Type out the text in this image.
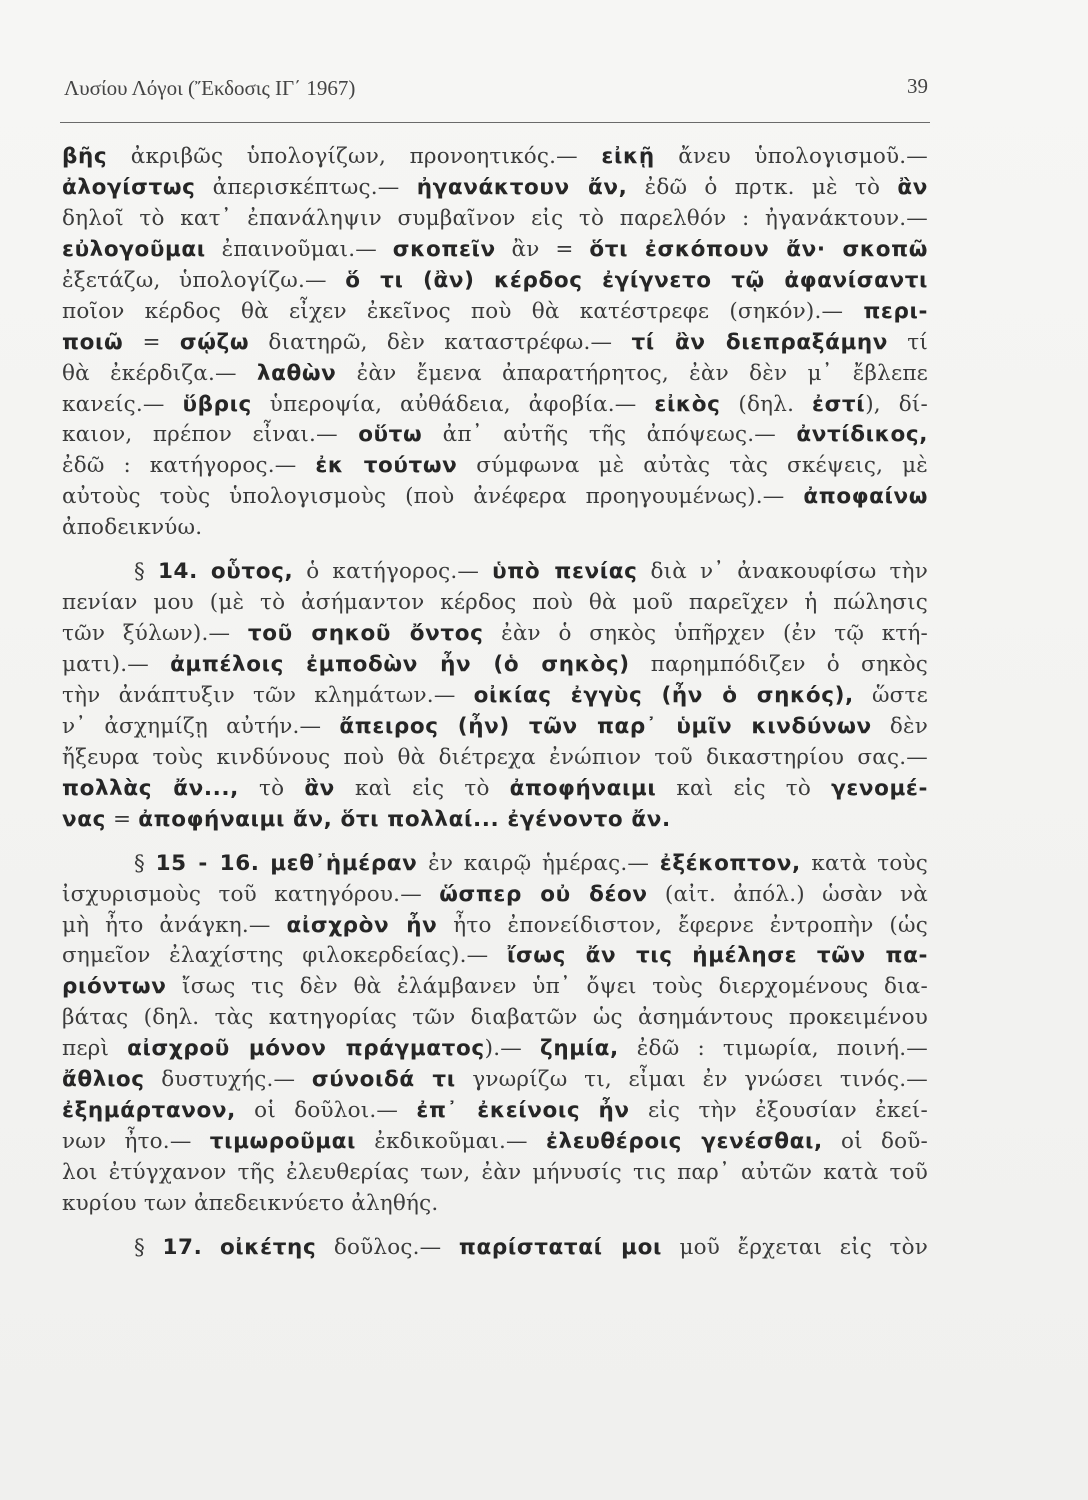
Λυσίου Λόγοι (Ἔκδοσις ΙΓ΄ 1967)	39
βῆς ἀκριβῶς ὑπολογίζων, προνοητικός.— εἰκῇ ἄνευ ὑπολογισμοῦ.—
ἀλογίστως ἀπερισκέπτως.— ἠγανάκτουν ἄν, ἐδῶ ὁ πρτκ. μὲ τὸ ἂν
δηλοῖ τὸ κατ᾿ ἐπανάληψιν συμβαῖνον εἰς τὸ παρελθόν : ἠγανάκτουν.—
εὐλογοῦμαι ἐπαινοῦμαι.— σκοπεῖν ἂν = ὅτι ἐσκόπουν ἄν· σκοπῶ
ἐξετάζω, ὑπολογίζω.— ὅ τι (ἂν) κέρδος ἐγίγνετο τῷ ἀφανίσαντι
ποῖον κέρδος θὰ εἶχεν ἐκεῖνος ποὺ θὰ κατέστρεφε (σηκόν).— περι-
ποιῶ = σῴζω διατηρῶ, δὲν καταστρέφω.— τί ἂν διεπραξάμην τί
θὰ ἐκέρδιζα.— λαθὼν ἐὰν ἔμενα ἀπαρατήρητος, ἐὰν δὲν μ᾿ ἔβλεπε
κανείς.— ὕβρις ὑπεροψία, αὐθάδεια, ἀφοβία.— εἰκὸς (δηλ. ἐστί), δί-
καιον, πρέπον εἶναι.— οὕτω ἀπ᾿ αὐτῆς τῆς ἀπόψεως.— ἀντίδικος,
ἐδῶ : κατήγορος.— ἐκ τούτων σύμφωνα μὲ αὐτὰς τὰς σκέψεις, μὲ
αὐτοὺς τοὺς ὑπολογισμοὺς (ποὺ ἀνέφερα προηγουμένως).— ἀποφαίνω
ἀποδεικνύω.
§ 14. οὗτος, ὁ κατήγορος.— ὑπὸ πενίας διὰ ν᾿ ἀνακουφίσω τὴν
πενίαν μου (μὲ τὸ ἀσήμαντον κέρδος ποὺ θὰ μοῦ παρεῖχεν ἡ πώλησις
τῶν ξύλων).— τοῦ σηκοῦ ὄντος ἐὰν ὁ σηκὸς ὑπῆρχεν (ἐν τῷ κτή-
ματι).— ἀμπέλοις ἐμποδὼν ἦν (ὁ σηκὸς) παρημπόδιζεν ὁ σηκὸς
τὴν ἀνάπτυξιν τῶν κλημάτων.— οἰκίας ἐγγὺς (ἦν ὁ σηκός), ὥστε
ν᾿ ἀσχημίζῃ αὐτήν.— ἄπειρος (ἦν) τῶν παρ᾿ ὑμῖν κινδύνων δὲν
ἤξευρα τοὺς κινδύνους ποὺ θὰ διέτρεχα ἐνώπιον τοῦ δικαστηρίου σας.—
πολλὰς ἄν..., τὸ ἂν καὶ εἰς τὸ ἀποφήναιμι καὶ εἰς τὸ γενομέ-
νας = ἀποφήναιμι ἄν, ὅτι πολλαί... ἐγένοντο ἄν.
§ 15 - 16. μεθ᾿ἡμέραν ἐν καιρῷ ἡμέρας.— ἐξέκοπτον, κατὰ τοὺς
ἰσχυρισμοὺς τοῦ κατηγόρου.— ὥσπερ οὐ δέον (αἰτ. ἀπόλ.) ὡσὰν νὰ
μὴ ἦτο ἀνάγκη.— αἰσχρὸν ἦν ἦτο ἐπονείδιστον, ἔφερνε ἐντροπὴν (ὡς
σημεῖον ἐλαχίστης φιλοκερδείας).— ἴσως ἄν τις ἠμέλησε τῶν πα-
ριόντων ἴσως τις δὲν θὰ ἐλάμβανεν ὑπ᾿ ὄψει τοὺς διερχομένους δια-
βάτας (δηλ. τὰς κατηγορίας τῶν διαβατῶν ὡς ἀσημάντους προκειμένου
περὶ αἰσχροῦ μόνον πράγματος).— ζημία, ἐδῶ : τιμωρία, ποινή.—
ἄθλιος δυστυχής.— σύνοιδά τι γνωρίζω τι, εἶμαι ἐν γνώσει τινός.—
ἐξημάρτανον, οἱ δοῦλοι.— ἐπ᾿ ἐκείνοις ἦν εἰς τὴν ἐξουσίαν ἐκεί-
νων ἦτο.— τιμωροῦμαι ἐκδικοῦμαι.— ἐλευθέροις γενέσθαι, οἱ δοῦ-
λοι ἐτύγχανον τῆς ἐλευθερίας των, ἐὰν μήνυσίς τις παρ᾿ αὐτῶν κατὰ τοῦ
κυρίου των ἀπεδεικνύετο ἀληθής.
§ 17. οἰκέτης δοῦλος.— παρίσταταί μοι μοῦ ἔρχεται εἰς τὸν
